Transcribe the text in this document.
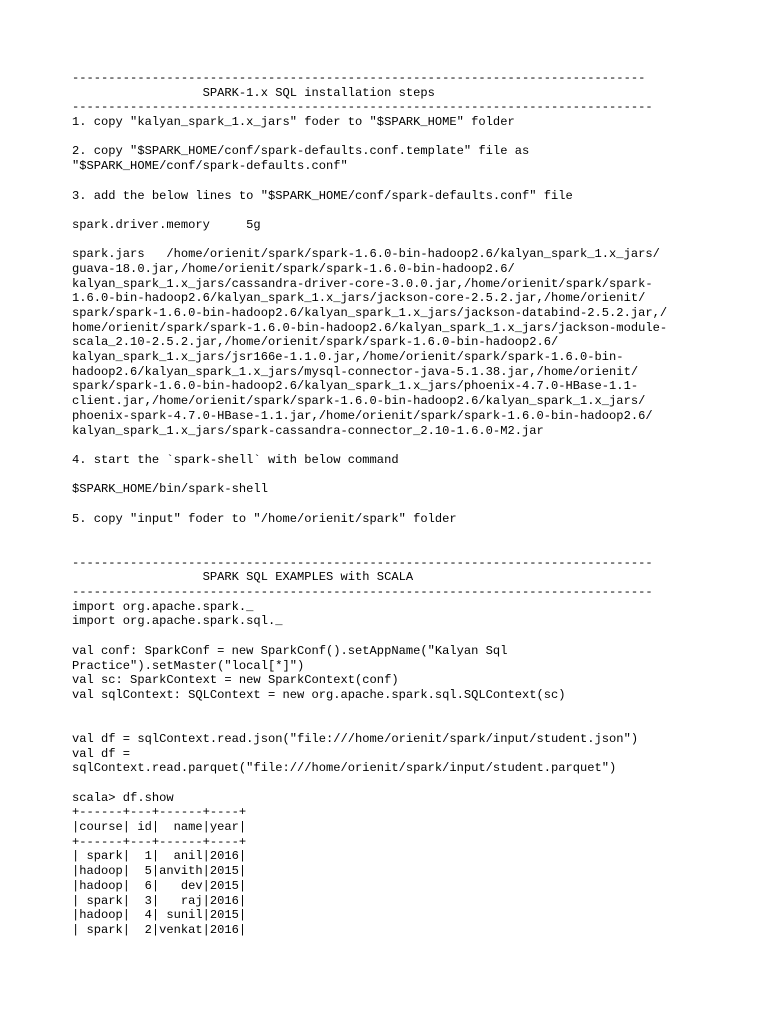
-------------------------------------------------------------------------------
SPARK-1.x SQL installation steps
--------------------------------------------------------------------------------
1. copy "kalyan_spark_1.x_jars" foder to "$SPARK_HOME" folder
2. copy "$SPARK_HOME/conf/spark-defaults.conf.template" file as
"$SPARK_HOME/conf/spark-defaults.conf"
3. add the below lines to "$SPARK_HOME/conf/spark-defaults.conf" file
spark.driver.memory     5g
spark.jars   /home/orienit/spark/spark-1.6.0-bin-hadoop2.6/kalyan_spark_1.x_jars/
guava-18.0.jar,/home/orienit/spark/spark-1.6.0-bin-hadoop2.6/
kalyan_spark_1.x_jars/cassandra-driver-core-3.0.0.jar,/home/orienit/spark/spark-
1.6.0-bin-hadoop2.6/kalyan_spark_1.x_jars/jackson-core-2.5.2.jar,/home/orienit/
spark/spark-1.6.0-bin-hadoop2.6/kalyan_spark_1.x_jars/jackson-databind-2.5.2.jar,/
home/orienit/spark/spark-1.6.0-bin-hadoop2.6/kalyan_spark_1.x_jars/jackson-module-
scala_2.10-2.5.2.jar,/home/orienit/spark/spark-1.6.0-bin-hadoop2.6/
kalyan_spark_1.x_jars/jsr166e-1.1.0.jar,/home/orienit/spark/spark-1.6.0-bin-
hadoop2.6/kalyan_spark_1.x_jars/mysql-connector-java-5.1.38.jar,/home/orienit/
spark/spark-1.6.0-bin-hadoop2.6/kalyan_spark_1.x_jars/phoenix-4.7.0-HBase-1.1-
client.jar,/home/orienit/spark/spark-1.6.0-bin-hadoop2.6/kalyan_spark_1.x_jars/
phoenix-spark-4.7.0-HBase-1.1.jar,/home/orienit/spark/spark-1.6.0-bin-hadoop2.6/
kalyan_spark_1.x_jars/spark-cassandra-connector_2.10-1.6.0-M2.jar
4. start the `spark-shell` with below command
$SPARK_HOME/bin/spark-shell
5. copy "input" foder to "/home/orienit/spark" folder
--------------------------------------------------------------------------------
SPARK SQL EXAMPLES with SCALA
--------------------------------------------------------------------------------
import org.apache.spark._
import org.apache.spark.sql._
val conf: SparkConf = new SparkConf().setAppName("Kalyan Sql
Practice").setMaster("local[*]")
val sc: SparkContext = new SparkContext(conf)
val sqlContext: SQLContext = new org.apache.spark.sql.SQLContext(sc)
val df = sqlContext.read.json("file:///home/orienit/spark/input/student.json")
val df =
sqlContext.read.parquet("file:///home/orienit/spark/input/student.parquet")
scala> df.show
+------+---+------+----+
|course| id|  name|year|
+------+---+------+----+
| spark|  1|  anil|2016|
|hadoop|  5|anvith|2015|
|hadoop|  6|   dev|2015|
| spark|  3|   raj|2016|
|hadoop|  4| sunil|2015|
| spark|  2|venkat|2016|
